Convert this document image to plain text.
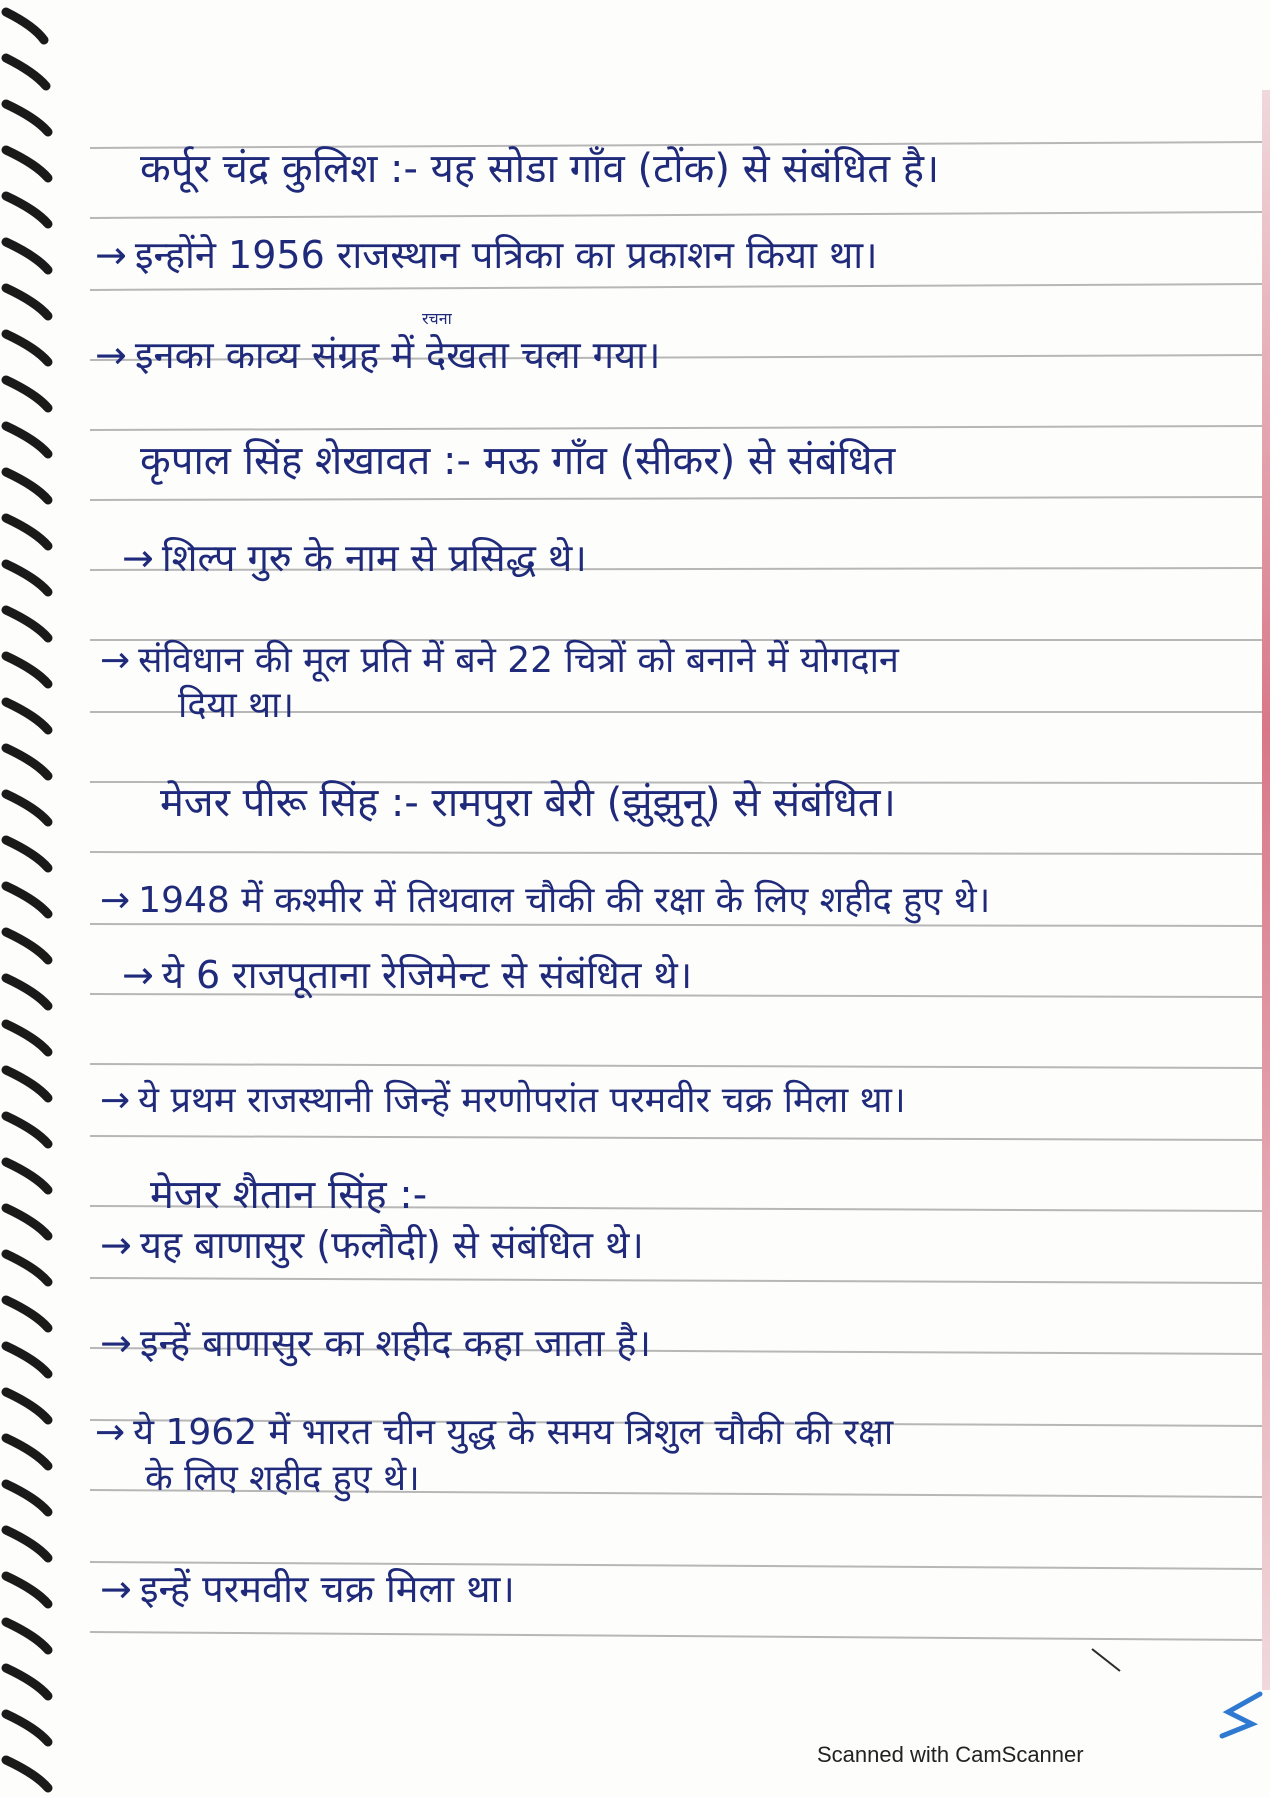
कर्पूर चंद्र कुलिश :- यह सोडा गाँव (टोंक) से संबंधित है।
→ इन्होंने 1956 राजस्थान पत्रिका का प्रकाशन किया था।
रचना
→ इनका काव्य संग्रह में देखता चला गया।
कृपाल सिंह शेखावत :- मऊ गाँव (सीकर) से संबंधित
→ शिल्प गुरु के नाम से प्रसिद्ध थे।
→ संविधान की मूल प्रति में बने 22 चित्रों को बनाने में योगदान
दिया था।
मेजर पीरू सिंह :- रामपुरा बेरी (झुंझुनू) से संबंधित।
→ 1948 में कश्मीर में तिथवाल चौकी की रक्षा के लिए शहीद हुए थे।
→ ये 6 राजपूताना रेजिमेन्ट से संबंधित थे।
→ ये प्रथम राजस्थानी जिन्हें मरणोपरांत परमवीर चक्र मिला था।
मेजर शैतान सिंह :-
→ यह बाणासुर (फलौदी) से संबंधित थे।
→ इन्हें बाणासुर का शहीद कहा जाता है।
→ ये 1962 में भारत चीन युद्ध के समय त्रिशुल चौकी की रक्षा
के लिए शहीद हुए थे।
→ इन्हें परमवीर चक्र मिला था।
Scanned with CamScanner
